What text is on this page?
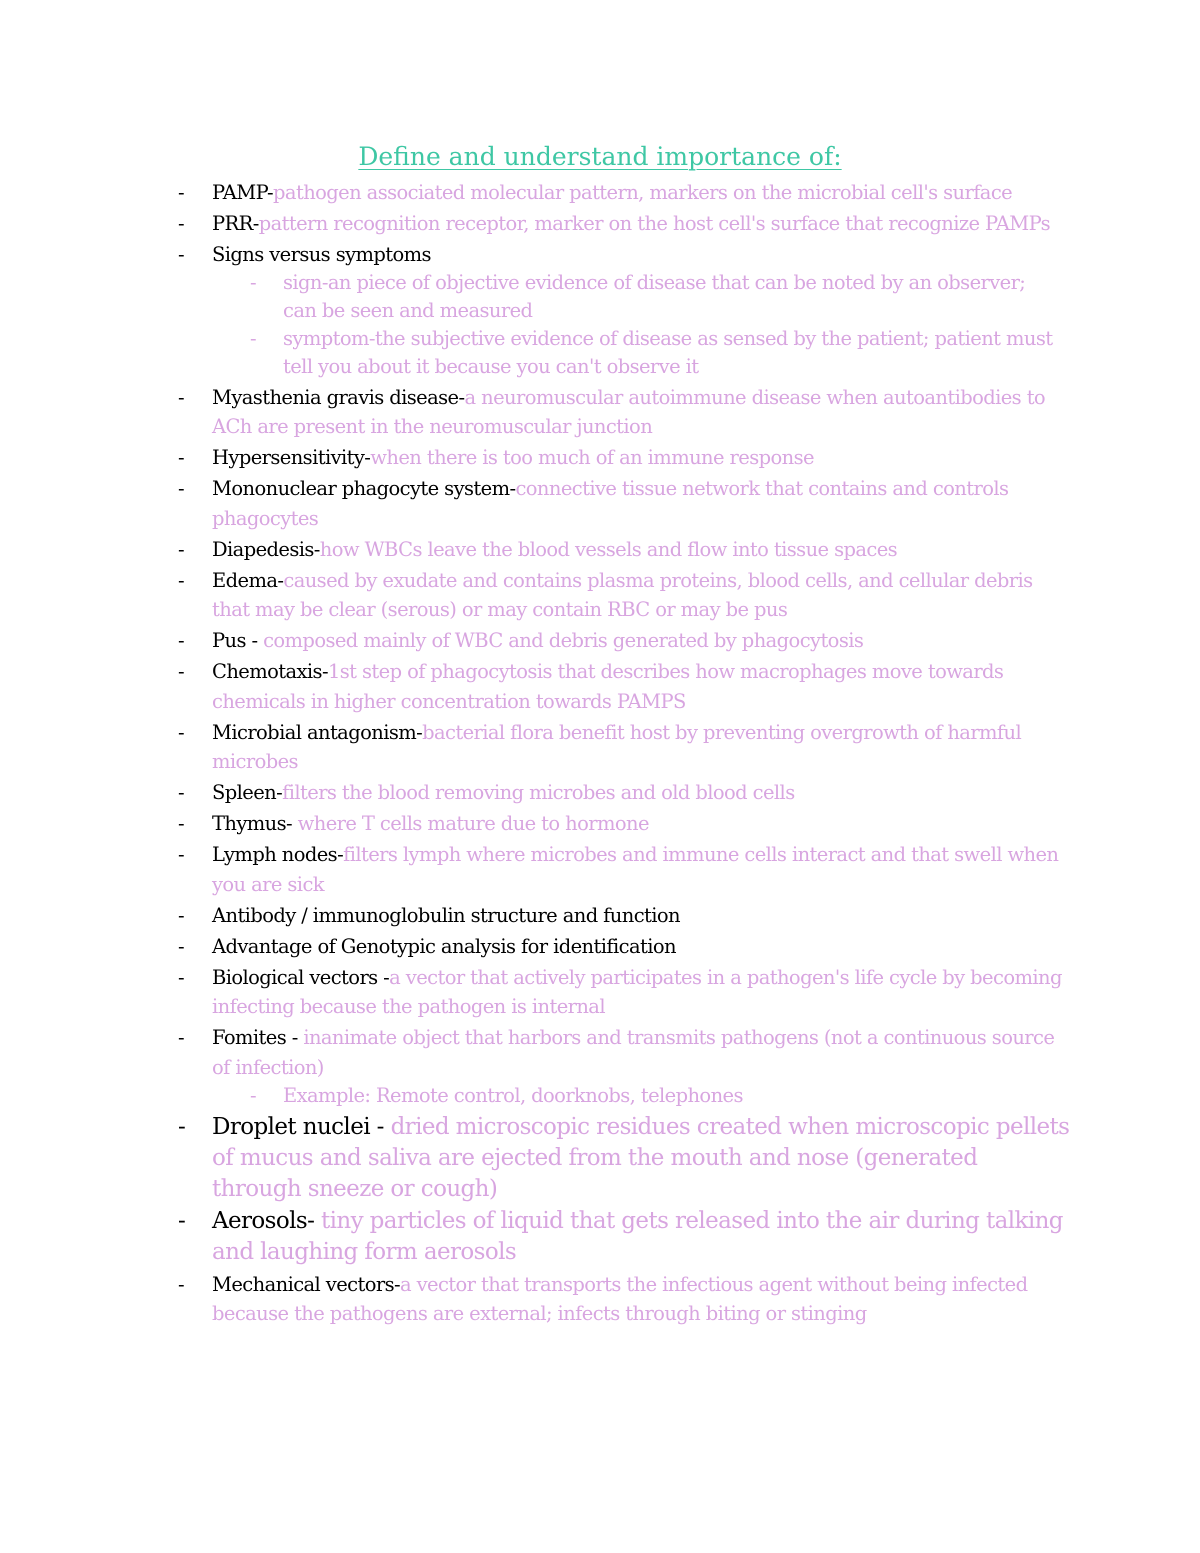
Define and understand importance of:
- PAMP-pathogen associated molecular pattern, markers on the microbial cell's surface
- PRR-pattern recognition receptor, marker on the host cell's surface that recognize PAMPs
- Signs versus symptoms
- sign-an piece of objective evidence of disease that can be noted by an observer; can be seen and measured
- symptom-the subjective evidence of disease as sensed by the patient; patient must tell you about it because you can't observe it
- Myasthenia gravis disease-a neuromuscular autoimmune disease when autoantibodies to ACh are present in the neuromuscular junction
- Hypersensitivity-when there is too much of an immune response
- Mononuclear phagocyte system-connective tissue network that contains and controls phagocytes
- Diapedesis-how WBCs leave the blood vessels and flow into tissue spaces
- Edema-caused by exudate and contains plasma proteins, blood cells, and cellular debris that may be clear (serous) or may contain RBC or may be pus
- Pus - composed mainly of WBC and debris generated by phagocytosis
- Chemotaxis-1st step of phagocytosis that describes how macrophages move towards chemicals in higher concentration towards PAMPS
- Microbial antagonism-bacterial flora benefit host by preventing overgrowth of harmful microbes
- Spleen-filters the blood removing microbes and old blood cells
- Thymus- where T cells mature due to hormone
- Lymph nodes-filters lymph where microbes and immune cells interact and that swell when you are sick
- Antibody / immunoglobulin structure and function
- Advantage of Genotypic analysis for identification
- Biological vectors -a vector that actively participates in a pathogen's life cycle by becoming infecting because the pathogen is internal
- Fomites - inanimate object that harbors and transmits pathogens (not a continuous source of infection)
- Example: Remote control, doorknobs, telephones
- Droplet nuclei - dried microscopic residues created when microscopic pellets of mucus and saliva are ejected from the mouth and nose (generated through sneeze or cough)
- Aerosols- tiny particles of liquid that gets released into the air during talking and laughing form aerosols
- Mechanical vectors-a vector that transports the infectious agent without being infected because the pathogens are external; infects through biting or stinging
